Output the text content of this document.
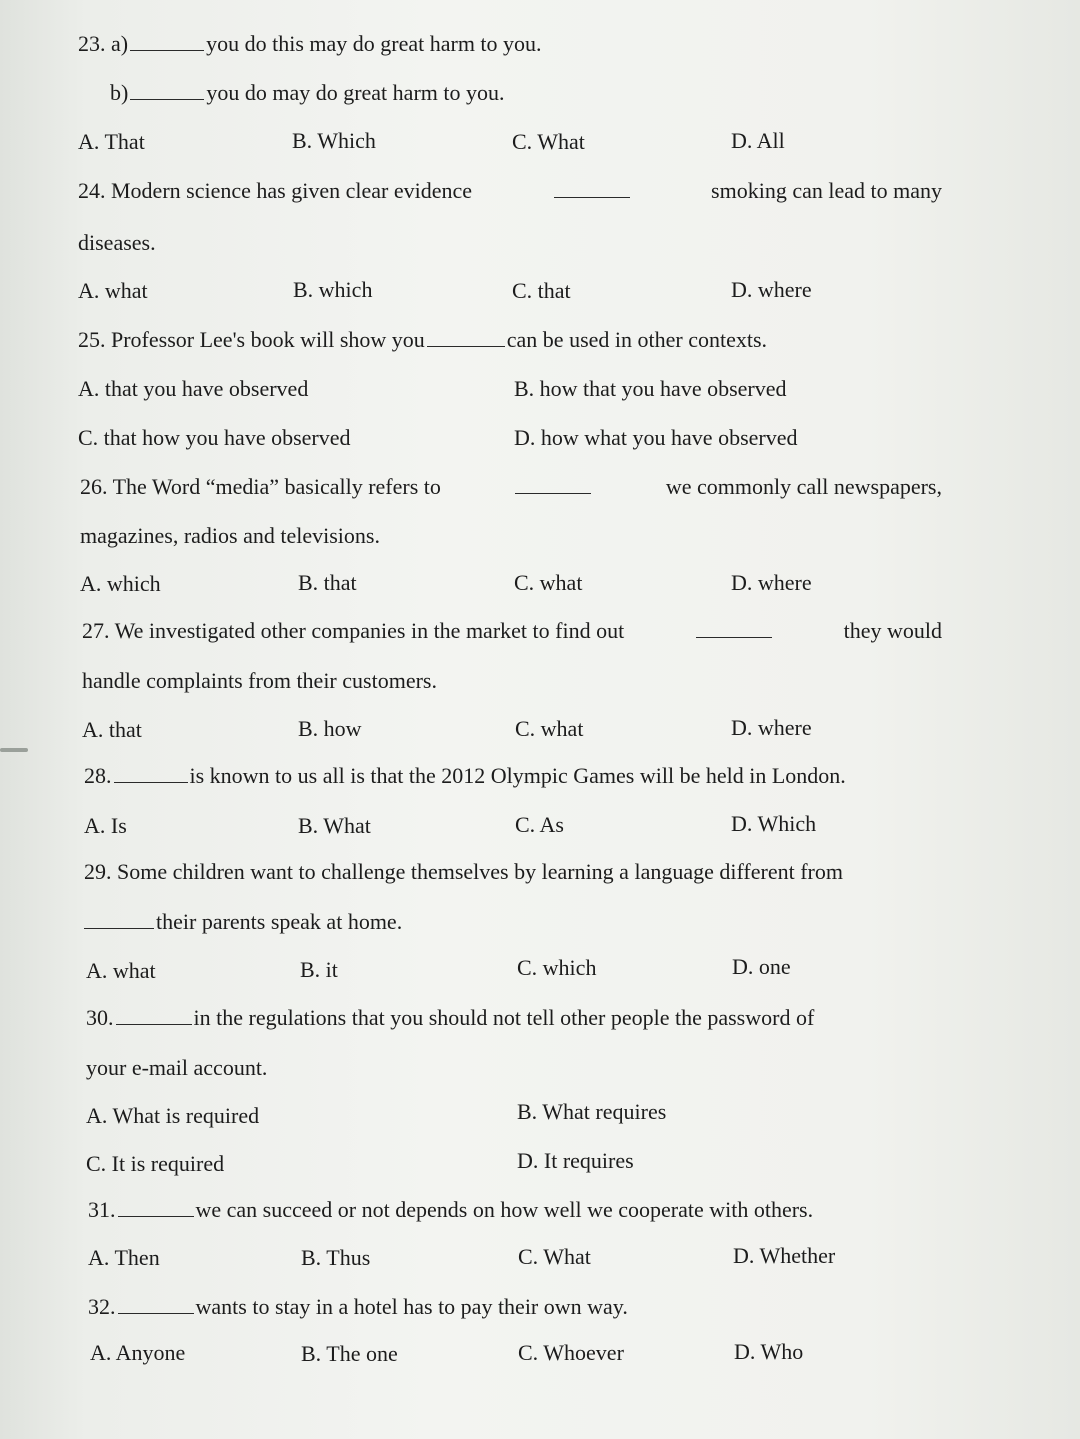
23. a)	you do this may do great harm to you.
b)	you do may do great harm to you.
A. That	B. Which	C. What	D. All
24. Modern science has given clear evidence	smoking can lead to many
diseases.
A. what	B. which	C. that	D. where
25. Professor Lee's book will show you	can be used in other contexts.
A. that you have observed	B. how that you have observed
C. that how you have observed	D. how what you have observed
26. The Word “media” basically refers to	we commonly call newspapers,
magazines, radios and televisions.
A. which	B. that	C. what	D. where
27. We investigated other companies in the market to find out	they would
handle complaints from their customers.
A. that	B. how	C. what	D. where
28.	is known to us all is that the 2012 Olympic Games will be held in London.
A. Is	B. What	C. As	D. Which
29. Some children want to challenge themselves by learning a language different from
their parents speak at home.
A. what	B. it	C. which	D. one
30.	in the regulations that you should not tell other people the password of
your e-mail account.
A. What is required	B. What requires
C. It is required	D. It requires
31.	we can succeed or not depends on how well we cooperate with others.
A. Then	B. Thus	C. What	D. Whether
32.	wants to stay in a hotel has to pay their own way.
A. Anyone	B. The one	C. Whoever	D. Who
